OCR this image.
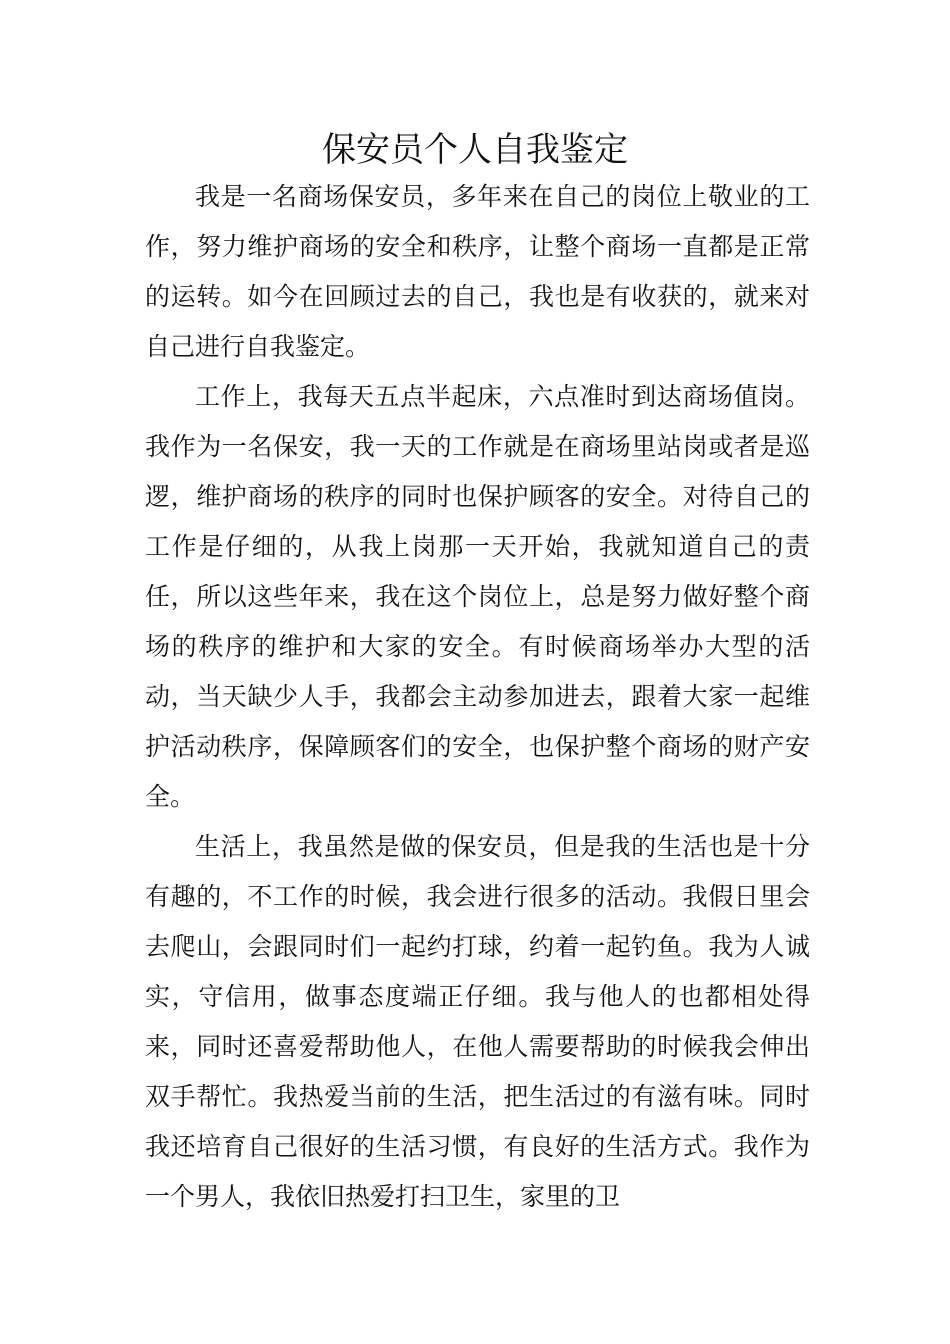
保安员个人自我鉴定

我是一名商场保安员，多年来在自己的岗位上敬业的工作，努力维护商场的安全和秩序，让整个商场一直都是正常的运转。如今在回顾过去的自己，我也是有收获的，就来对自己进行自我鉴定。

工作上，我每天五点半起床，六点准时到达商场值岗。我作为一名保安，我一天的工作就是在商场里站岗或者是巡逻，维护商场的秩序的同时也保护顾客的安全。对待自己的工作是仔细的，从我上岗那一天开始，我就知道自己的责任，所以这些年来，我在这个岗位上，总是努力做好整个商场的秩序的维护和大家的安全。有时候商场举办大型的活动，当天缺少人手，我都会主动参加进去，跟着大家一起维护活动秩序，保障顾客们的安全，也保护整个商场的财产安全。

生活上，我虽然是做的保安员，但是我的生活也是十分有趣的，不工作的时候，我会进行很多的活动。我假日里会去爬山，会跟同时们一起约打球，约着一起钓鱼。我为人诚实，守信用，做事态度端正仔细。我与他人的也都相处得来，同时还喜爱帮助他人，在他人需要帮助的时候我会伸出双手帮忙。我热爱当前的生活，把生活过的有滋有味。同时我还培育自己很好的生活习惯，有良好的生活方式。我作为一个男人，我依旧热爱打扫卫生，家里的卫
